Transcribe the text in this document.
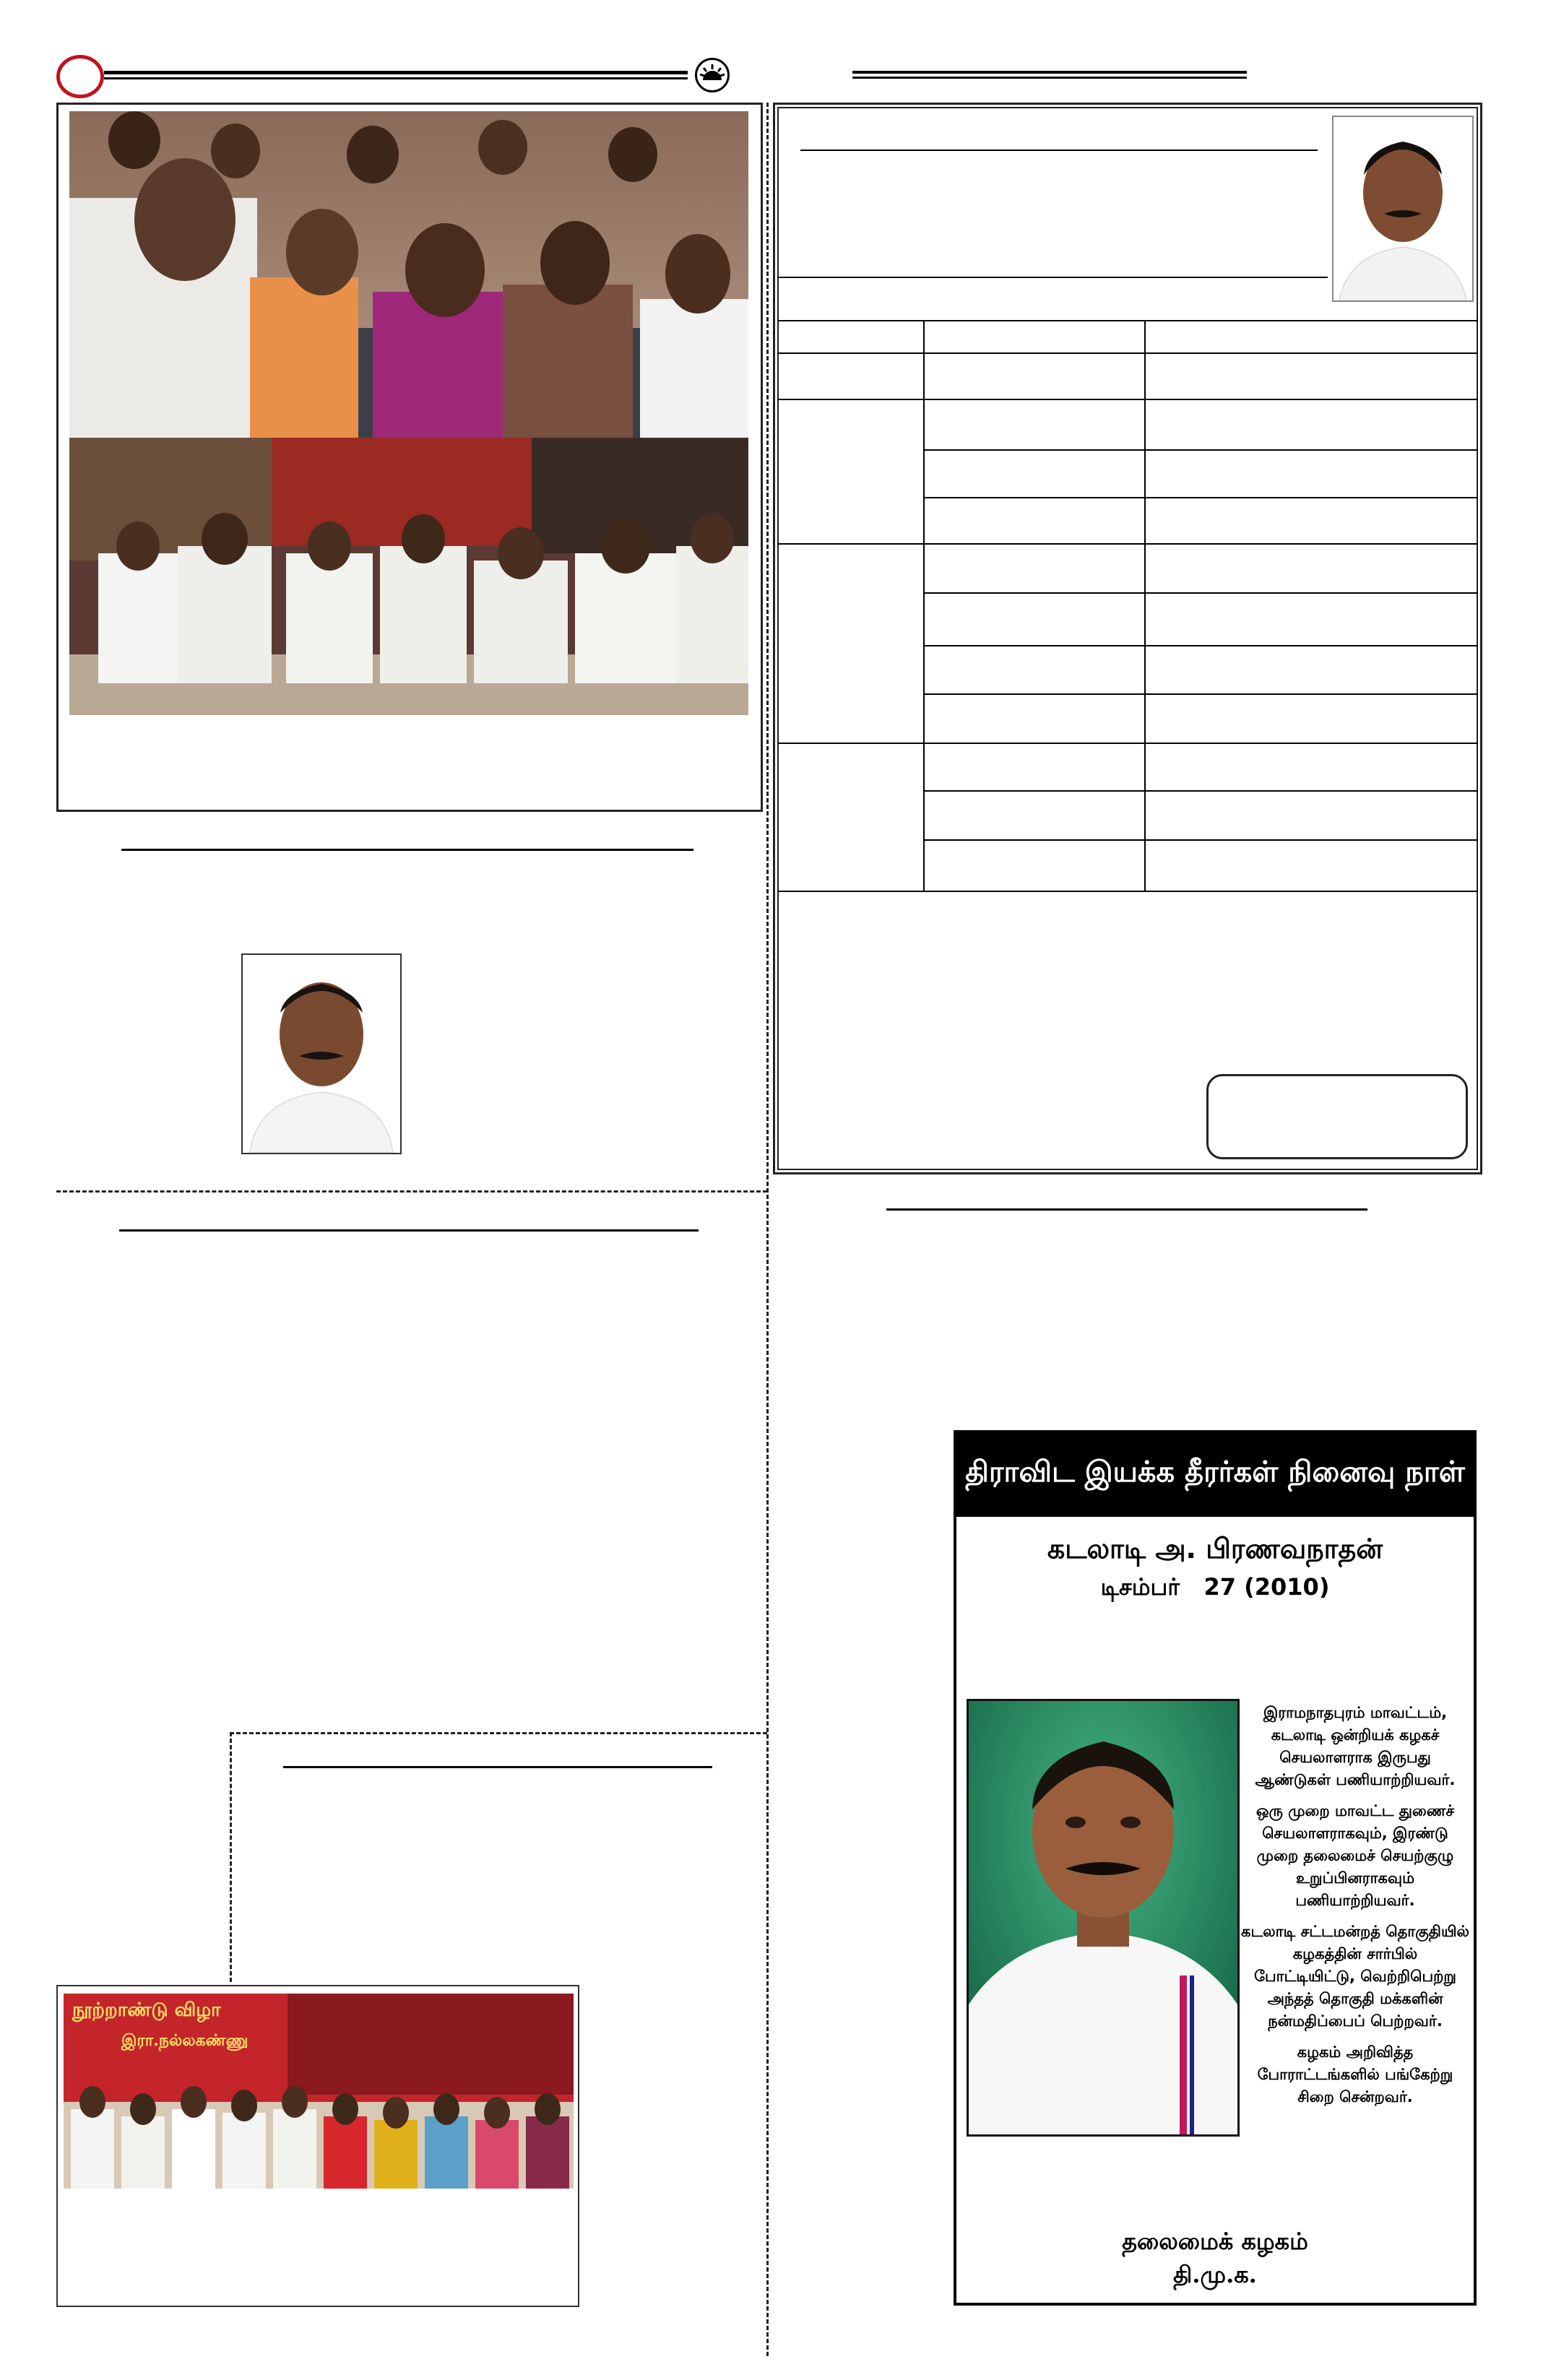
நூற்றாண்டு விழா
இரா.நல்லகண்ணு
திராவிட இயக்க தீரர்கள் நினைவு நாள்
கடலாடி அ. பிரணவநாதன்
டிசம்பர்   27 (2010)

இராமநாதபுரம் மாவட்டம், கடலாடி ஒன்றியக் கழகச் செயலாளராக இருபது ஆண்டுகள் பணியாற்றியவர்.

ஒரு முறை மாவட்ட துணைச் செயலாளராகவும், இரண்டு முறை தலைமைச் செயற்குழு உறுப்பினராகவும் பணியாற்றியவர்.

கடலாடி சட்டமன்றத் தொகுதியில் கழகத்தின் சார்பில் போட்டியிட்டு, வெற்றிபெற்று அந்தத் தொகுதி மக்களின் நன்மதிப்பைப் பெற்றவர்.

கழகம் அறிவித்த போராட்டங்களில் பங்கேற்று சிறை சென்றவர்.

தலைமைக் கழகம்
தி.மு.க.
